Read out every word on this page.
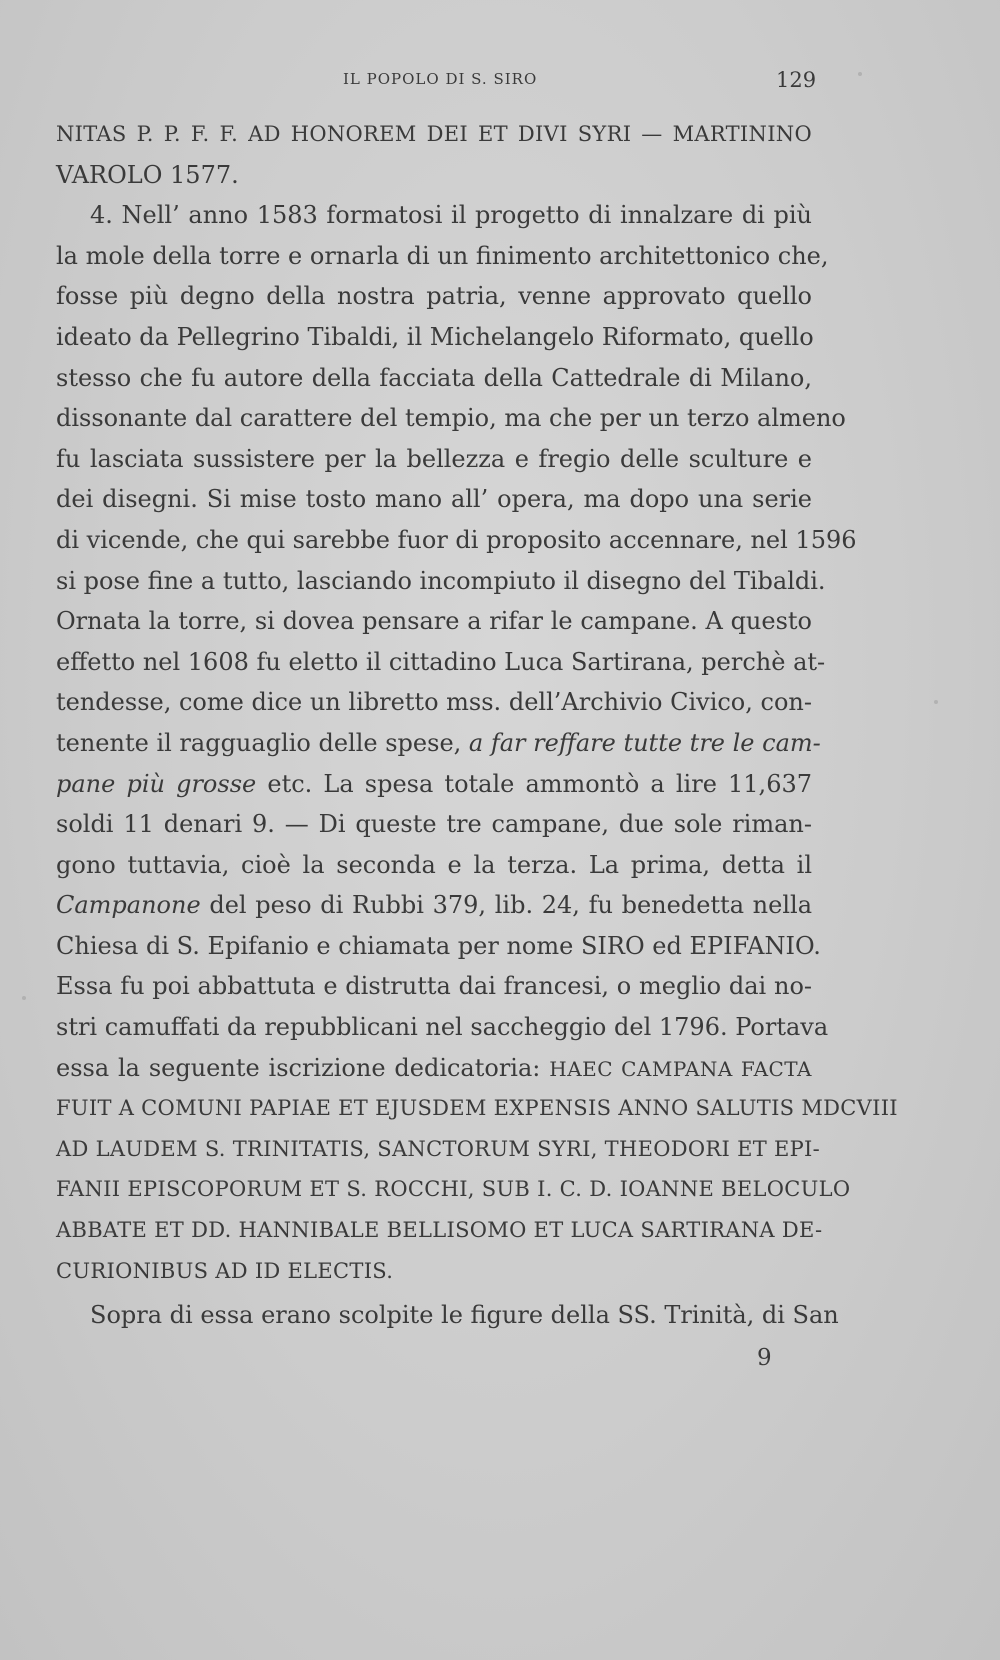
IL POPOLO DI S. SIRO	129
NITAS P. P. F. F. AD HONOREM DEI ET DIVI SYRI — MARTININO
VAROLO 1577.
4. Nell’ anno 1583 formatosi il progetto di innalzare di più
la mole della torre e ornarla di un finimento architettonico che,
fosse più degno della nostra patria, venne approvato quello
ideato da Pellegrino Tibaldi, il Michelangelo Riformato, quello
stesso che fu autore della facciata della Cattedrale di Milano,
dissonante dal carattere del tempio, ma che per un terzo almeno
fu lasciata sussistere per la bellezza e fregio delle sculture e
dei disegni. Si mise tosto mano all’ opera, ma dopo una serie
di vicende, che qui sarebbe fuor di proposito accennare, nel 1596
si pose fine a tutto, lasciando incompiuto il disegno del Tibaldi.
Ornata la torre, si dovea pensare a rifar le campane. A questo
effetto nel 1608 fu eletto il cittadino Luca Sartirana, perchè at-
tendesse, come dice un libretto mss. dell’Archivio Civico, con-
tenente il ragguaglio delle spese, a far reffare tutte tre le cam-
pane più grosse etc. La spesa totale ammontò a lire 11,637
soldi 11 denari 9. — Di queste tre campane, due sole riman-
gono tuttavia, cioè la seconda e la terza. La prima, detta il
Campanone del peso di Rubbi 379, lib. 24, fu benedetta nella
Chiesa di S. Epifanio e chiamata per nome SIRO ed EPIFANIO.
Essa fu poi abbattuta e distrutta dai francesi, o meglio dai no-
stri camuffati da repubblicani nel saccheggio del 1796. Portava
essa la seguente iscrizione dedicatoria: HAEC CAMPANA FACTA
FUIT A COMUNI PAPIAE ET EJUSDEM EXPENSIS ANNO SALUTIS MDCVIII
AD LAUDEM S. TRINITATIS, SANCTORUM SYRI, THEODORI ET EPI-
FANII EPISCOPORUM ET S. ROCCHI, SUB I. C. D. IOANNE BELOCULO
ABBATE ET DD. HANNIBALE BELLISOMO ET LUCA SARTIRANA DE-
CURIONIBUS AD ID ELECTIS.
Sopra di essa erano scolpite le figure della SS. Trinità, di San
9
